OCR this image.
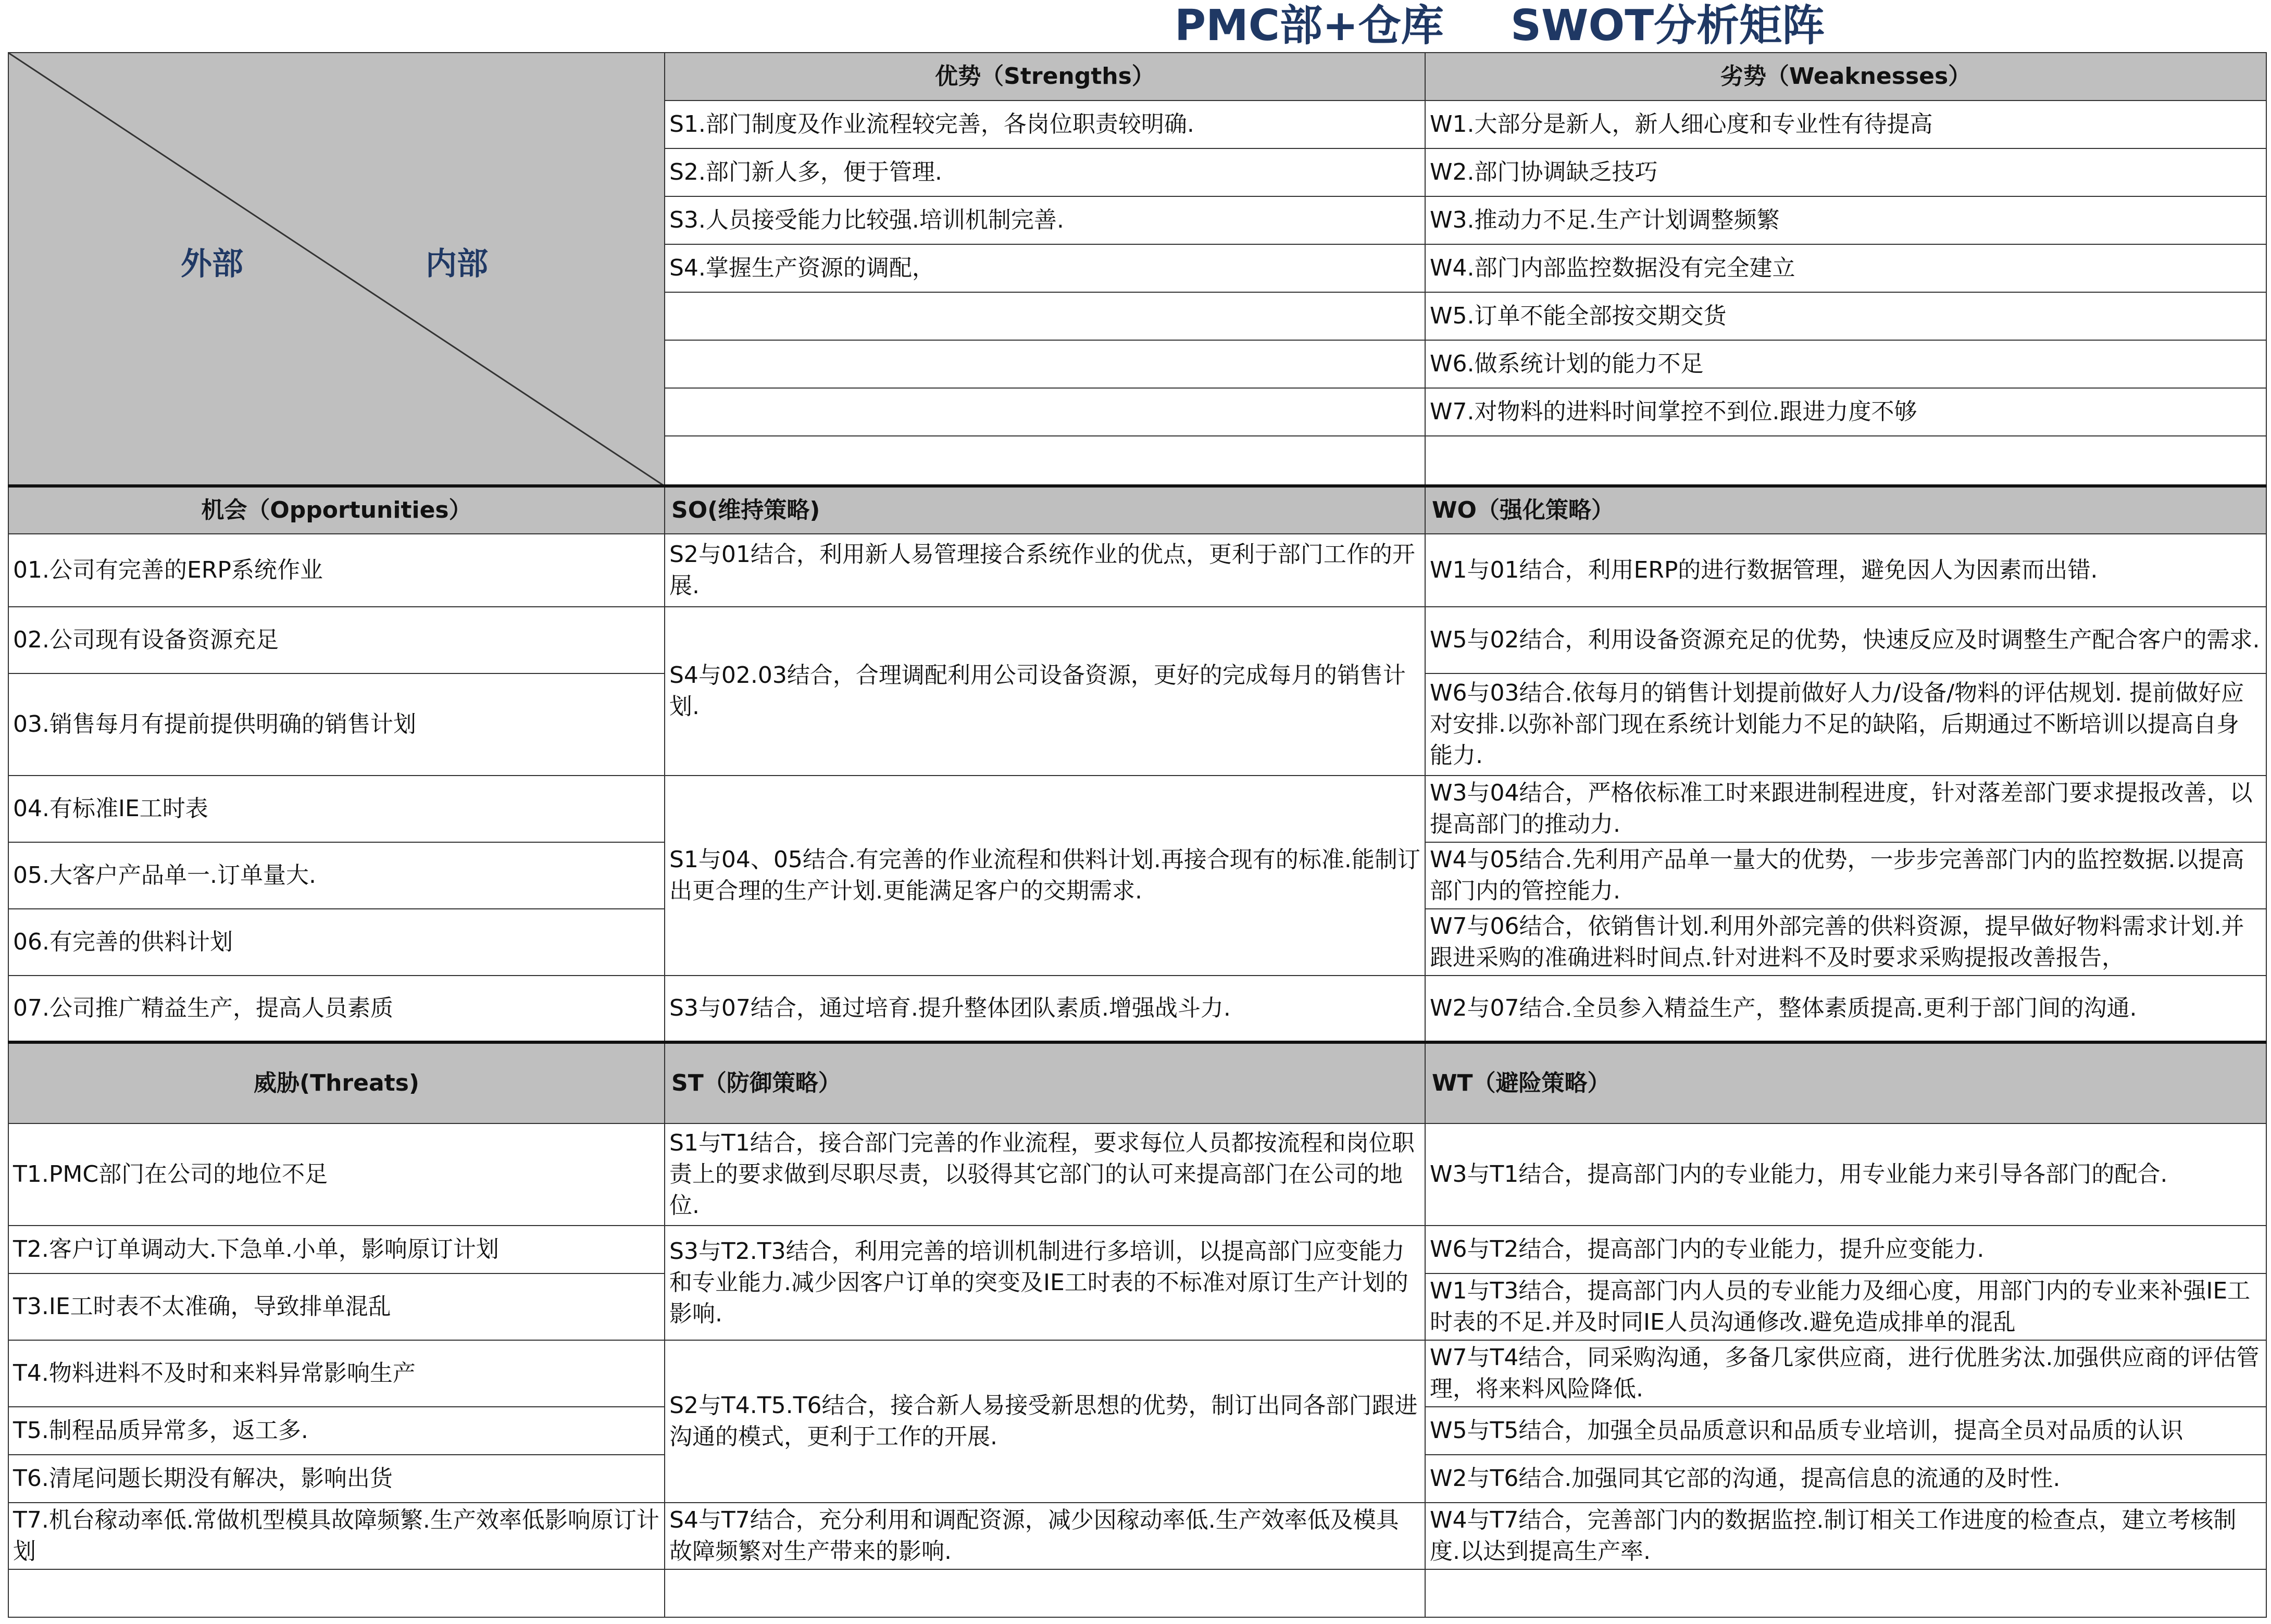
PMC部+仓库 SWOT分析矩阵
外部 内部	优势（Strengths）	劣势（Weaknesses）
	S1.部门制度及作业流程较完善，各岗位职责较明确.	W1.大部分是新人，新人细心度和专业性有待提高
	S2.部门新人多，便于管理.	W2.部门协调缺乏技巧
	S3.人员接受能力比较强.培训机制完善.	W3.推动力不足.生产计划调整频繁
	S4.掌握生产资源的调配，	W4.部门内部监控数据没有完全建立
		W5.订单不能全部按交期交货
		W6.做系统计划的能力不足
		W7.对物料的进料时间掌控不到位.跟进力度不够

机会（Opportunities）	SO(维持策略)	WO（强化策略）
01.公司有完善的ERP系统作业	S2与01结合，利用新人易管理接合系统作业的优点，更利于部门工作的开展.	W1与01结合，利用ERP的进行数据管理，避免因人为因素而出错.
02.公司现有设备资源充足	S4与02.03结合，合理调配利用公司设备资源，更好的完成每月的销售计划.	W5与02结合，利用设备资源充足的优势，快速反应及时调整生产配合客户的需求.
03.销售每月有提前提供明确的销售计划		W6与03结合.依每月的销售计划提前做好人力/设备/物料的评估规划. 提前做好应对安排.以弥补部门现在系统计划能力不足的缺陷，后期通过不断培训以提高自身能力.
04.有标准IE工时表	S1与04、05结合.有完善的作业流程和供料计划.再接合现有的标准.能制订出更合理的生产计划.更能满足客户的交期需求.	W3与04结合，严格依标准工时来跟进制程进度，针对落差部门要求提报改善，以提高部门的推动力.
05.大客户产品单一.订单量大.		W4与05结合.先利用产品单一量大的优势，一步步完善部门内的监控数据.以提高部门内的管控能力.
06.有完善的供料计划		W7与06结合，依销售计划.利用外部完善的供料资源，提早做好物料需求计划.并跟进采购的准确进料时间点.针对进料不及时要求采购提报改善报告，
07.公司推广精益生产，提高人员素质	S3与07结合，通过培育.提升整体团队素质.增强战斗力.	W2与07结合.全员参入精益生产，整体素质提高.更利于部门间的沟通.
威胁(Threats)	ST（防御策略）	WT（避险策略）
T1.PMC部门在公司的地位不足	S1与T1结合，接合部门完善的作业流程，要求每位人员都按流程和岗位职责上的要求做到尽职尽责，以驳得其它部门的认可来提高部门在公司的地位.	W3与T1结合，提高部门内的专业能力，用专业能力来引导各部门的配合.
T2.客户订单调动大.下急单.小单，影响原订计划	S3与T2.T3结合，利用完善的培训机制进行多培训，以提高部门应变能力和专业能力.减少因客户订单的突变及IE工时表的不标准对原订生产计划的影响.	W6与T2结合，提高部门内的专业能力，提升应变能力.
T3.IE工时表不太准确，导致排单混乱		W1与T3结合，提高部门内人员的专业能力及细心度，用部门内的专业来补强IE工时表的不足.并及时同IE人员沟通修改.避免造成排单的混乱
T4.物料进料不及时和来料异常影响生产	S2与T4.T5.T6结合，接合新人易接受新思想的优势，制订出同各部门跟进沟通的模式，更利于工作的开展.	W7与T4结合，同采购沟通，多备几家供应商，进行优胜劣汰.加强供应商的评估管理，将来料风险降低.
T5.制程品质异常多，返工多.		W5与T5结合，加强全员品质意识和品质专业培训，提高全员对品质的认识
T6.清尾问题长期没有解决，影响出货		W2与T6结合.加强同其它部的沟通，提高信息的流通的及时性.
T7.机台稼动率低.常做机型模具故障频繁.生产效率低影响原订计划	S4与T7结合，充分利用和调配资源，减少因稼动率低.生产效率低及模具故障频繁对生产带来的影响.	W4与T7结合，完善部门内的数据监控.制订相关工作进度的检查点，建立考核制度.以达到提高生产率.
